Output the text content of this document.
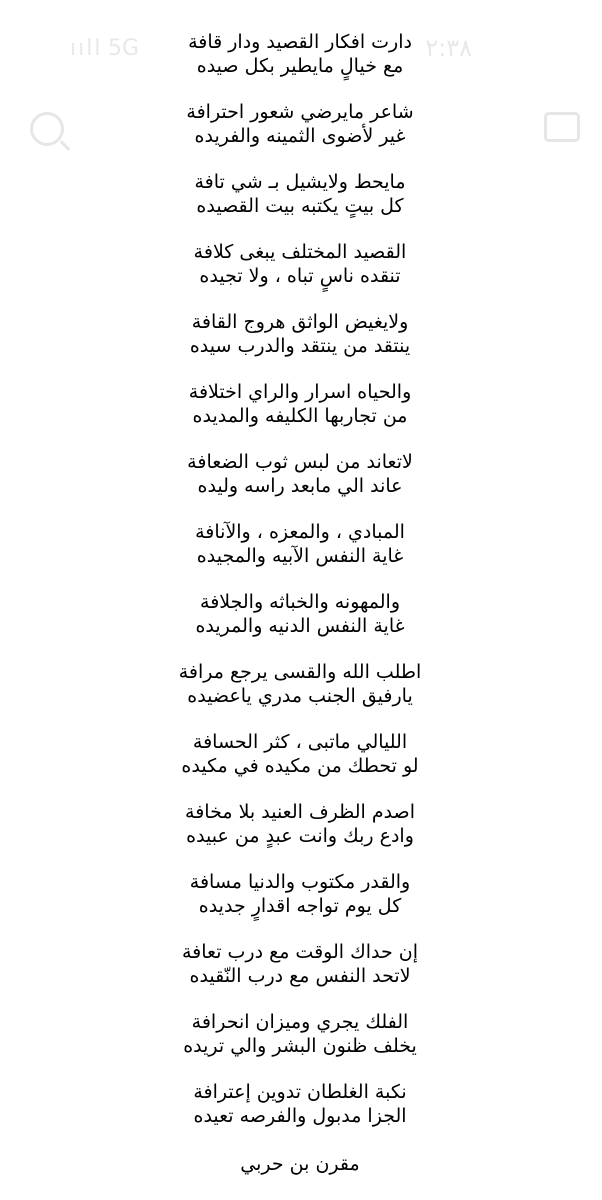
ııll 5G	٢:٣٨
دارت افكار القصيد ودار قافة
مع خيالٍ مايطير بكل صيده
شاعر مايرضي شعور احترافة
غير لأضوى الثمينه والفريده
مايحط ولايشيل بـ شي تافة
كل بيتٍ يكتبه بيت القصيده
القصيد المختلف يبغى كلافة
تنقده ناسٍ تباه ، ولا تجيده
ولايغيض الواثق هروج القافة
ينتقد من ينتقد والدرب سيده
والحياه اسرار والراي اختلافة
من تجاربها الكليفه والمديده
لاتعاند من لبس ثوب الضعافة
عاند الي مابعد راسه وليده
المبادي ، والمعزه ، والآنافة
غاية النفس الآبيه والمجيده
والمهونه والخباثه والجلافة
غاية النفس الدنيه والمريده
اطلب الله والقسى يرجع مرافة
يارفيق الجنب مدري ياعضيده
الليالي ماتبى ، كثر الحسافة
لو تحطك من مكيده في مكيده
اصدم الظرف العنيد بلا مخافة
وادع ربك وانت عبدٍ من عبيده
والقدر مكتوب والدنيا مسافة
كل يوم تواجه اقدارٍ جديده
إن حداك الوقت مع درب تعافة
لاتحد النفس مع درب النّقيده
الفلك يجري وميزان انحرافة
يخلف ظنون البشر والي تريده
نكبة الغلطان تدوين إعترافة
الجزا مدبول والفرصه تعيده
مقرن بن حربي
